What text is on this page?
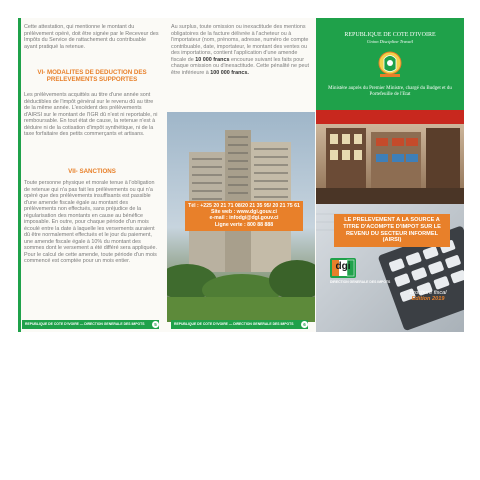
Cette attestation, qui mentionne le montant du prélèvement opéré, doit être signée par le Receveur des Impôts du Service de rattachement du contribuable ayant pratiqué la retenue.

VI- MODALITES DE DEDUCTION DES PRELEVEMENTS SUPPORTES

Les prélèvements acquittés au titre d'une année sont déductibles de l'impôt général sur le revenu dû au titre de la même année. L'excédent des prélèvements d'AIRSI sur le montant de l'IGR dû n'est ni reportable, ni remboursable. En tout état de cause, la retenue n'est à déduire ni de la cotisation d'impôt synthétique, ni de la taxe forfaitaire des petits commerçants et artisans.

VII- SANCTIONS

Toute personne physique et morale tenue à l'obligation de retenue qui n'a pas fait les prélèvements ou qui n'a opéré que des prélèvements insuffisants est passible d'une amende fiscale égale au montant des prélèvements non effectués, sans préjudice de la régularisation des montants en cause au bénéfice imposable. En outre, pour chaque période d'un mois écoulé entre la date à laquelle les versements auraient dû être normalement effectués et le jour du paiement, une amende fiscale égale à 10% du montant des sommes dont le versement a été différé sera appliquée. Pour le calcul de cette amende, toute période d'un mois commencé est comptée pour un mois entier.

REPUBLIQUE DE COTE D'IVOIRE — DIRECTION GENERALE DES IMPOTS	5

Au surplus, toute omission ou inexactitude des mentions obligatoires de la facture délivrée à l'acheteur ou à l'importateur (nom, prénoms, adresse, numéro de compte contribuable, date, importateur, le montant des ventes ou des importations, contient l'application d'une amende fiscale de 10 000 francs encourue suivant les faits pour chaque omission ou d'inexactitude. Cette pénalité ne peut être inférieure à 100 000 francs.

Tél : +225 20 21 71 08/20 21 35 95/ 20 21 75 61
Site web : www.dgi.gouv.ci
e-mail : infodgi@dgi.gouv.ci
Ligne verte : 800 88 888
REPUBLIQUE DE COTE D'IVOIRE — DIRECTION GENERALE DES IMPOTS	6
REPUBLIQUE DE COTE D'IVOIRE
Union Discipline Travail
Ministère auprès du Premier Ministre, chargé du Budget et du Portefeuille de l'Etat
LE PRELEVEMENT A LA SOURCE A TITRE D'ACOMPTE D'IMPOT SUR LE REVENU DU SECTEUR INFORMEL (AIRSI)
dgi
DIRECTION GENERALE DES IMPOTS
Brochure fiscal
Edition 2019
